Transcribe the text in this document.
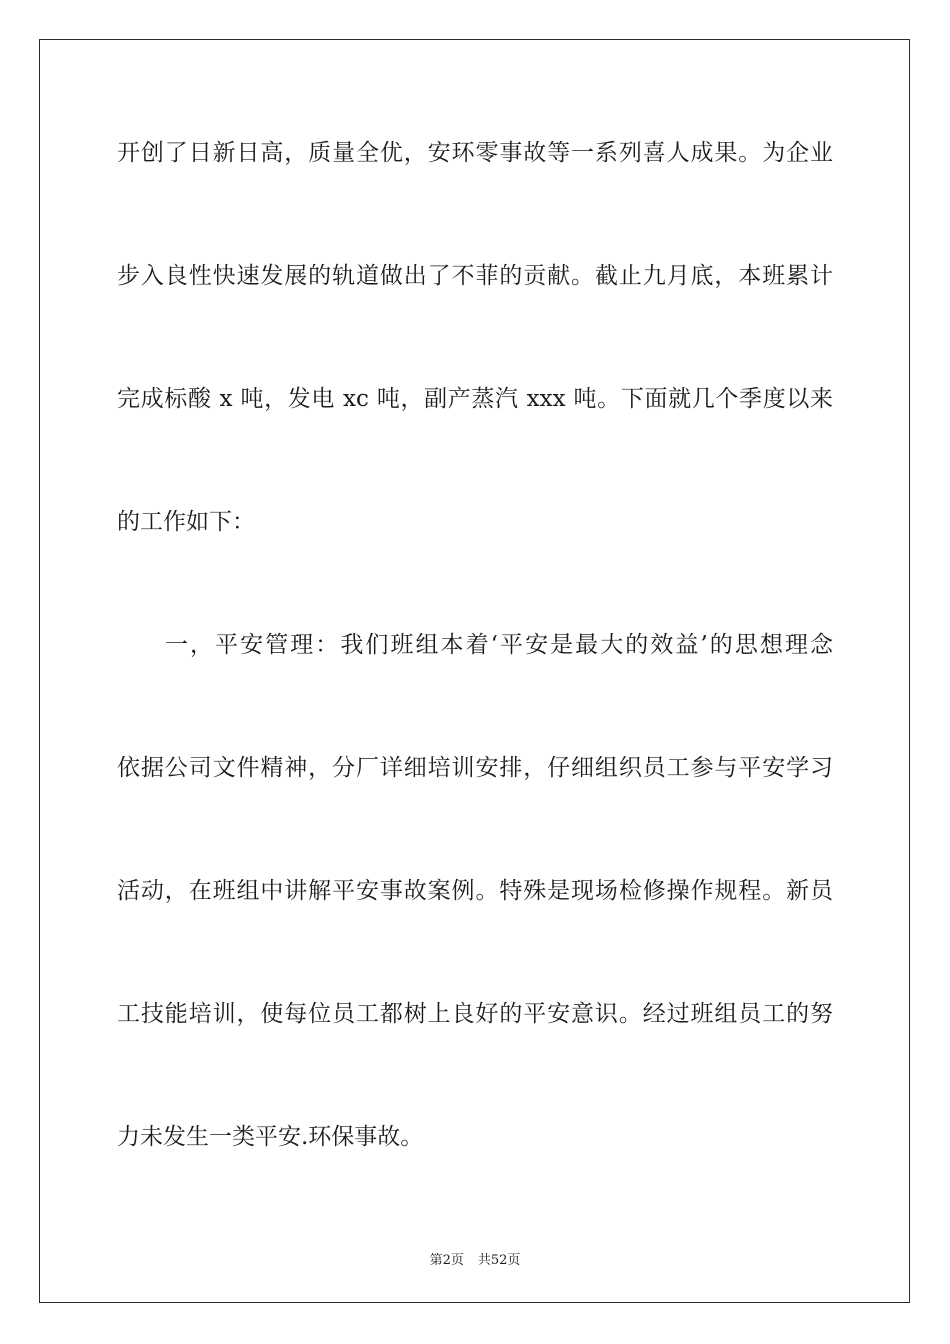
开创了日新日高，质量全优，安环零事故等一系列喜人成果。为企业
步入良性快速发展的轨道做出了不菲的贡献。截止九月底，本班累计
完成标酸 x 吨，发电 xc 吨，副产蒸汽 xxx 吨。下面就几个季度以来
的工作如下：
一，平安管理：我们班组本着‘平安是最大的效益’的思想理念
依据公司文件精神，分厂详细培训安排，仔细组织员工参与平安学习
活动，在班组中讲解平安事故案例。特殊是现场检修操作规程。新员
工技能培训，使每位员工都树上良好的平安意识。经过班组员工的努
力未发生一类平安.环保事故。
第2页 共52页
